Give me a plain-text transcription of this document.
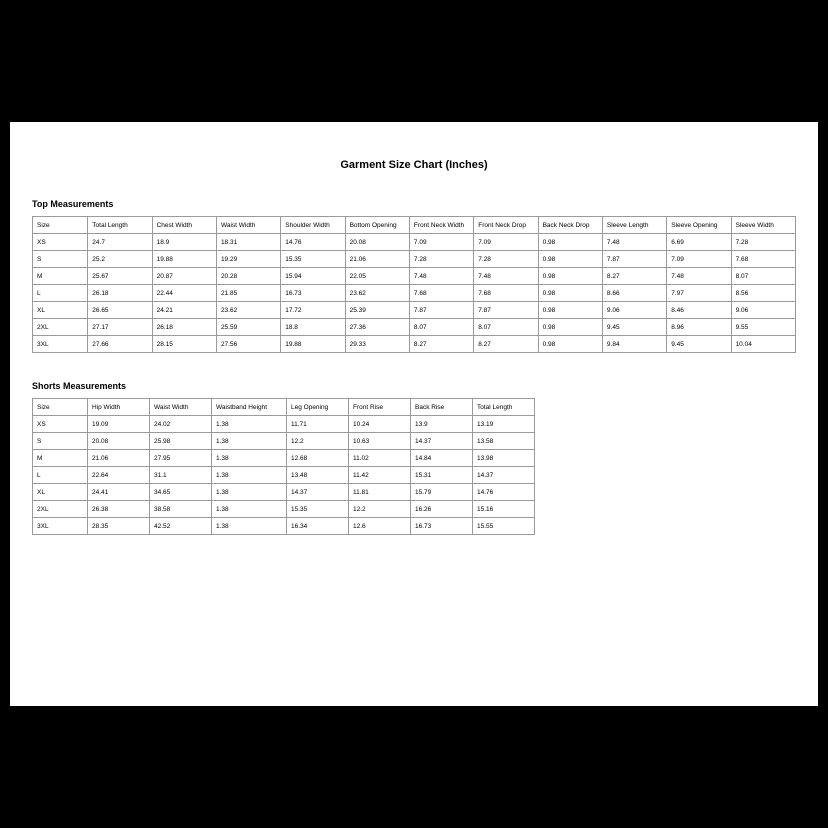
Garment Size Chart (Inches)
Top Measurements
Size	Total Length	Chest Width	Waist Width	Shoulder Width	Bottom Opening	Front Neck Width	Front Neck Drop	Back Neck Drop	Sleeve Length	Sleeve Opening	Sleeve Width
XS	24.7	18.9	18.31	14.76	20.08	7.09	7.09	0.98	7.48	6.69	7.28
S	25.2	19.88	19.29	15.35	21.06	7.28	7.28	0.98	7.87	7.09	7.68
M	25.67	20.87	20.28	15.94	22.05	7.48	7.48	0.98	8.27	7.48	8.07
L	26.18	22.44	21.85	16.73	23.62	7.68	7.68	0.98	8.66	7.97	8.56
XL	26.65	24.21	23.62	17.72	25.39	7.87	7.87	0.98	9.06	8.46	9.06
2XL	27.17	26.18	25.59	18.8	27.36	8.07	8.07	0.98	9.45	8.96	9.55
3XL	27.66	28.15	27.56	19.88	29.33	8.27	8.27	0.98	9.84	9.45	10.04
Shorts Measurements
Size	Hip Width	Waist Width	Waistband Height	Leg Opening	Front Rise	Back Rise	Total Length
XS	19.09	24.02	1.38	11.71	10.24	13.9	13.19
S	20.08	25.98	1.38	12.2	10.63	14.37	13.58
M	21.06	27.95	1.38	12.68	11.02	14.84	13.98
L	22.64	31.1	1.38	13.48	11.42	15.31	14.37
XL	24.41	34.65	1.38	14.37	11.81	15.79	14.76
2XL	26.38	38.58	1.38	15.35	12.2	16.26	15.16
3XL	28.35	42.52	1.38	16.34	12.6	16.73	15.55
